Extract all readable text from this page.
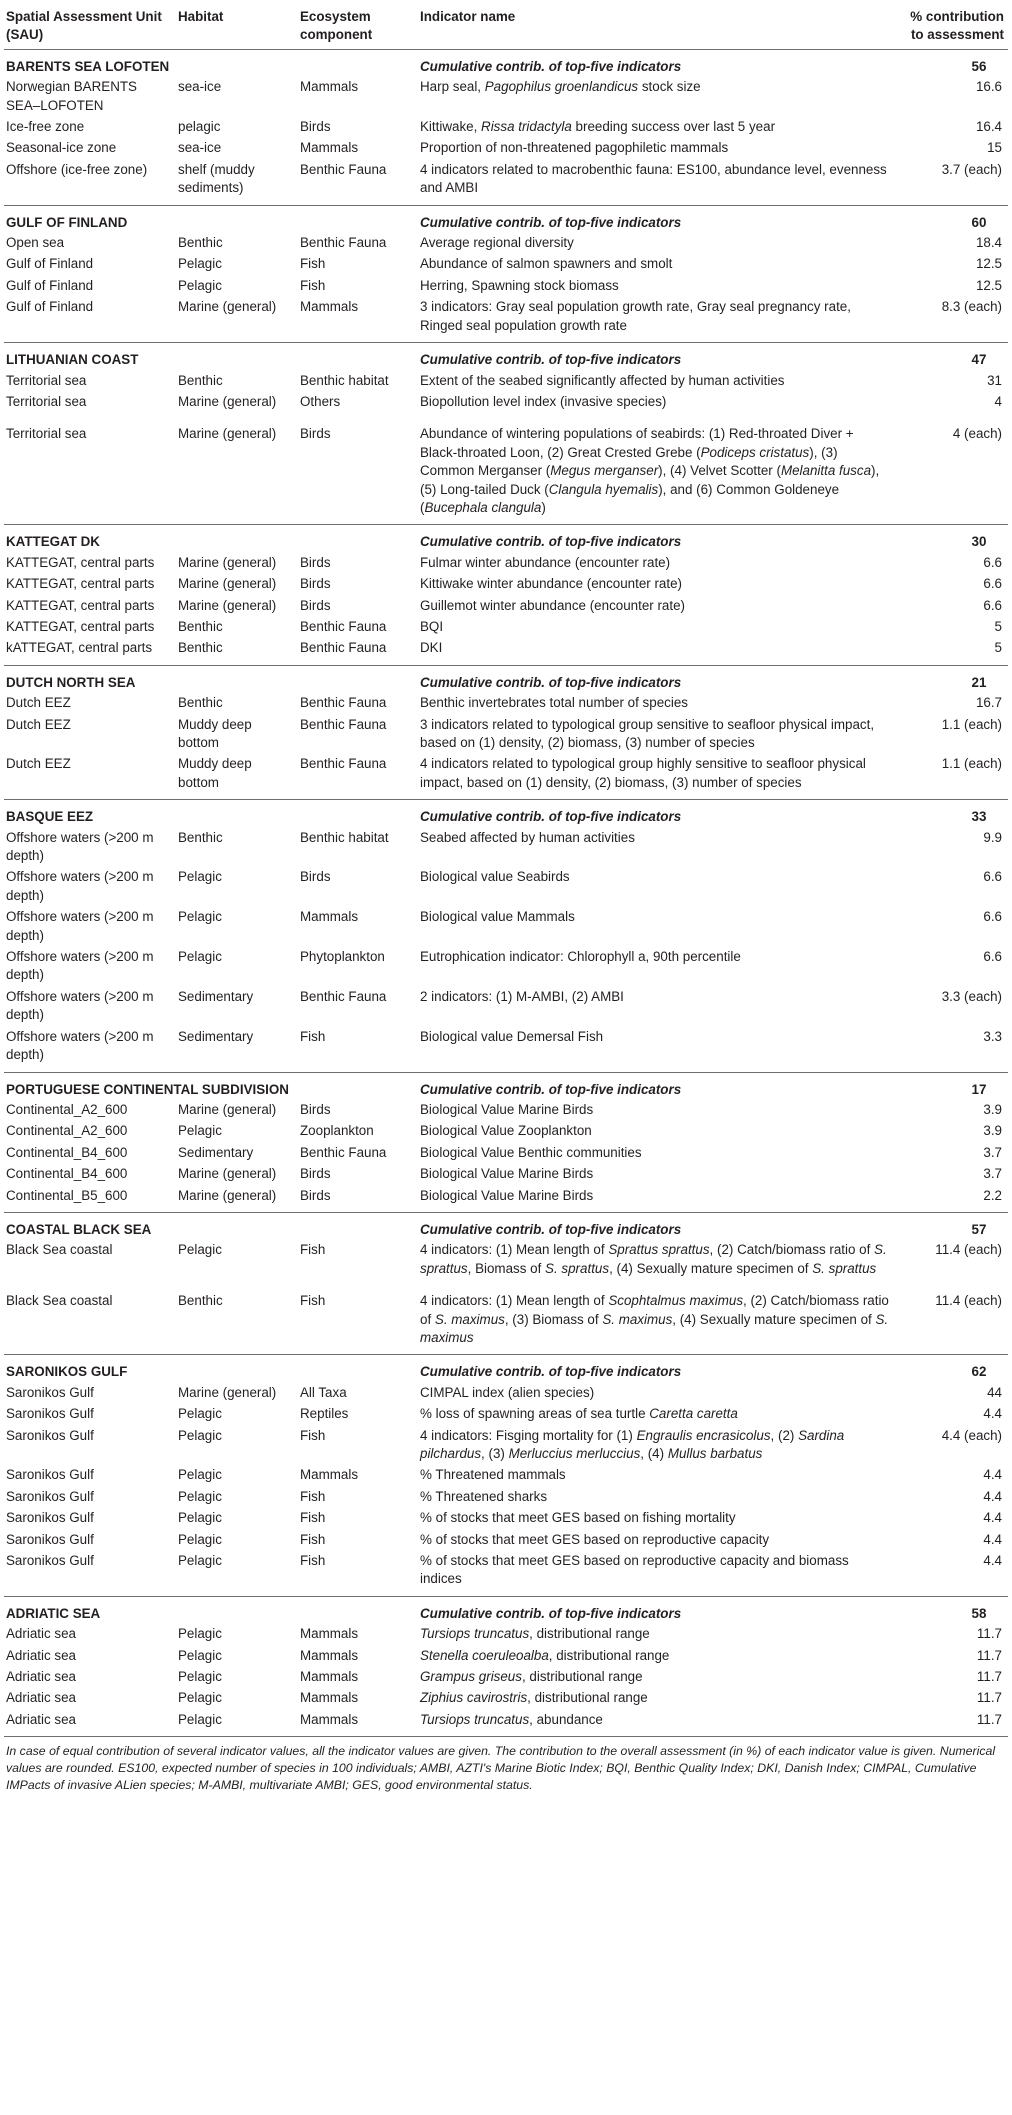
Spatial Assessment Unit (SAU)	Habitat	Ecosystem component	Indicator name	% contribution to assessment
BARENTS SEA LOFOTEN			Cumulative contrib. of top-five indicators	56
Norwegian BARENTS SEA–LOFOTEN	sea-ice	Mammals	Harp seal, Pagophilus groenlandicus stock size	16.6
Ice-free zone	pelagic	Birds	Kittiwake, Rissa tridactyla breeding success over last 5 year	16.4
Seasonal-ice zone	sea-ice	Mammals	Proportion of non-threatened pagophiletic mammals	15
Offshore (ice-free zone)	shelf (muddy sediments)	Benthic Fauna	4 indicators related to macrobenthic fauna: ES100, abundance level, evenness and AMBI	3.7 (each)
GULF OF FINLAND			Cumulative contrib. of top-five indicators	60
Open sea	Benthic	Benthic Fauna	Average regional diversity	18.4
Gulf of Finland	Pelagic	Fish	Abundance of salmon spawners and smolt	12.5
Gulf of Finland	Pelagic	Fish	Herring, Spawning stock biomass	12.5
Gulf of Finland	Marine (general)	Mammals	3 indicators: Gray seal population growth rate, Gray seal pregnancy rate, Ringed seal population growth rate	8.3 (each)
LITHUANIAN COAST			Cumulative contrib. of top-five indicators	47
Territorial sea	Benthic	Benthic habitat	Extent of the seabed significantly affected by human activities	31
Territorial sea	Marine (general)	Others	Biopollution level index (invasive species)	4
Territorial sea	Marine (general)	Birds	Abundance of wintering populations of seabirds: (1) Red-throated Diver + Black-throated Loon, (2) Great Crested Grebe (Podiceps cristatus), (3) Common Merganser (Megus merganser), (4) Velvet Scotter (Melanitta fusca), (5) Long-tailed Duck (Clangula hyemalis), and (6) Common Goldeneye (Bucephala clangula)	4 (each)
KATTEGAT DK			Cumulative contrib. of top-five indicators	30
KATTEGAT, central parts	Marine (general)	Birds	Fulmar winter abundance (encounter rate)	6.6
KATTEGAT, central parts	Marine (general)	Birds	Kittiwake winter abundance (encounter rate)	6.6
KATTEGAT, central parts	Marine (general)	Birds	Guillemot winter abundance (encounter rate)	6.6
KATTEGAT, central parts	Benthic	Benthic Fauna	BQI	5
kATTEGAT, central parts	Benthic	Benthic Fauna	DKI	5
DUTCH NORTH SEA			Cumulative contrib. of top-five indicators	21
Dutch EEZ	Benthic	Benthic Fauna	Benthic invertebrates total number of species	16.7
Dutch EEZ	Muddy deep bottom	Benthic Fauna	3 indicators related to typological group sensitive to seafloor physical impact, based on (1) density, (2) biomass, (3) number of species	1.1 (each)
Dutch EEZ	Muddy deep bottom	Benthic Fauna	4 indicators related to typological group highly sensitive to seafloor physical impact, based on (1) density, (2) biomass, (3) number of species	1.1 (each)
BASQUE EEZ			Cumulative contrib. of top-five indicators	33
Offshore waters (>200 m depth)	Benthic	Benthic habitat	Seabed affected by human activities	9.9
Offshore waters (>200 m depth)	Pelagic	Birds	Biological value Seabirds	6.6
Offshore waters (>200 m depth)	Pelagic	Mammals	Biological value Mammals	6.6
Offshore waters (>200 m depth)	Pelagic	Phytoplankton	Eutrophication indicator: Chlorophyll a, 90th percentile	6.6
Offshore waters (>200 m depth)	Sedimentary	Benthic Fauna	2 indicators: (1) M-AMBI, (2) AMBI	3.3 (each)
Offshore waters (>200 m depth)	Sedimentary	Fish	Biological value Demersal Fish	3.3
PORTUGUESE CONTINENTAL SUBDIVISION			Cumulative contrib. of top-five indicators	17
Continental_A2_600	Marine (general)	Birds	Biological Value Marine Birds	3.9
Continental_A2_600	Pelagic	Zooplankton	Biological Value Zooplankton	3.9
Continental_B4_600	Sedimentary	Benthic Fauna	Biological Value Benthic communities	3.7
Continental_B4_600	Marine (general)	Birds	Biological Value Marine Birds	3.7
Continental_B5_600	Marine (general)	Birds	Biological Value Marine Birds	2.2
COASTAL BLACK SEA			Cumulative contrib. of top-five indicators	57
Black Sea coastal	Pelagic	Fish	4 indicators: (1) Mean length of Sprattus sprattus, (2) Catch/biomass ratio of S. sprattus, Biomass of S. sprattus, (4) Sexually mature specimen of S. sprattus	11.4 (each)
Black Sea coastal	Benthic	Fish	4 indicators: (1) Mean length of Scophtalmus maximus, (2) Catch/biomass ratio of S. maximus, (3) Biomass of S. maximus, (4) Sexually mature specimen of S. maximus	11.4 (each)
SARONIKOS GULF			Cumulative contrib. of top-five indicators	62
Saronikos Gulf	Marine (general)	All Taxa	CIMPAL index (alien species)	44
Saronikos Gulf	Pelagic	Reptiles	% loss of spawning areas of sea turtle Caretta caretta	4.4
Saronikos Gulf	Pelagic	Fish	4 indicators: Fisging mortality for (1) Engraulis encrasicolus, (2) Sardina pilchardus, (3) Merluccius merluccius, (4) Mullus barbatus	4.4 (each)
Saronikos Gulf	Pelagic	Mammals	% Threatened mammals	4.4
Saronikos Gulf	Pelagic	Fish	% Threatened sharks	4.4
Saronikos Gulf	Pelagic	Fish	% of stocks that meet GES based on fishing mortality	4.4
Saronikos Gulf	Pelagic	Fish	% of stocks that meet GES based on reproductive capacity	4.4
Saronikos Gulf	Pelagic	Fish	% of stocks that meet GES based on reproductive capacity and biomass indices	4.4
ADRIATIC SEA			Cumulative contrib. of top-five indicators	58
Adriatic sea	Pelagic	Mammals	Tursiops truncatus, distributional range	11.7
Adriatic sea	Pelagic	Mammals	Stenella coeruleoalba, distributional range	11.7
Adriatic sea	Pelagic	Mammals	Grampus griseus, distributional range	11.7
Adriatic sea	Pelagic	Mammals	Ziphius cavirostris, distributional range	11.7
Adriatic sea	Pelagic	Mammals	Tursiops truncatus, abundance	11.7
In case of equal contribution of several indicator values, all the indicator values are given. The contribution to the overall assessment (in %) of each indicator value is given. Numerical values are rounded. ES100, expected number of species in 100 individuals; AMBI, AZTI's Marine Biotic Index; BQI, Benthic Quality Index; DKI, Danish Index; CIMPAL, Cumulative IMPacts of invasive ALien species; M-AMBI, multivariate AMBI; GES, good environmental status.
